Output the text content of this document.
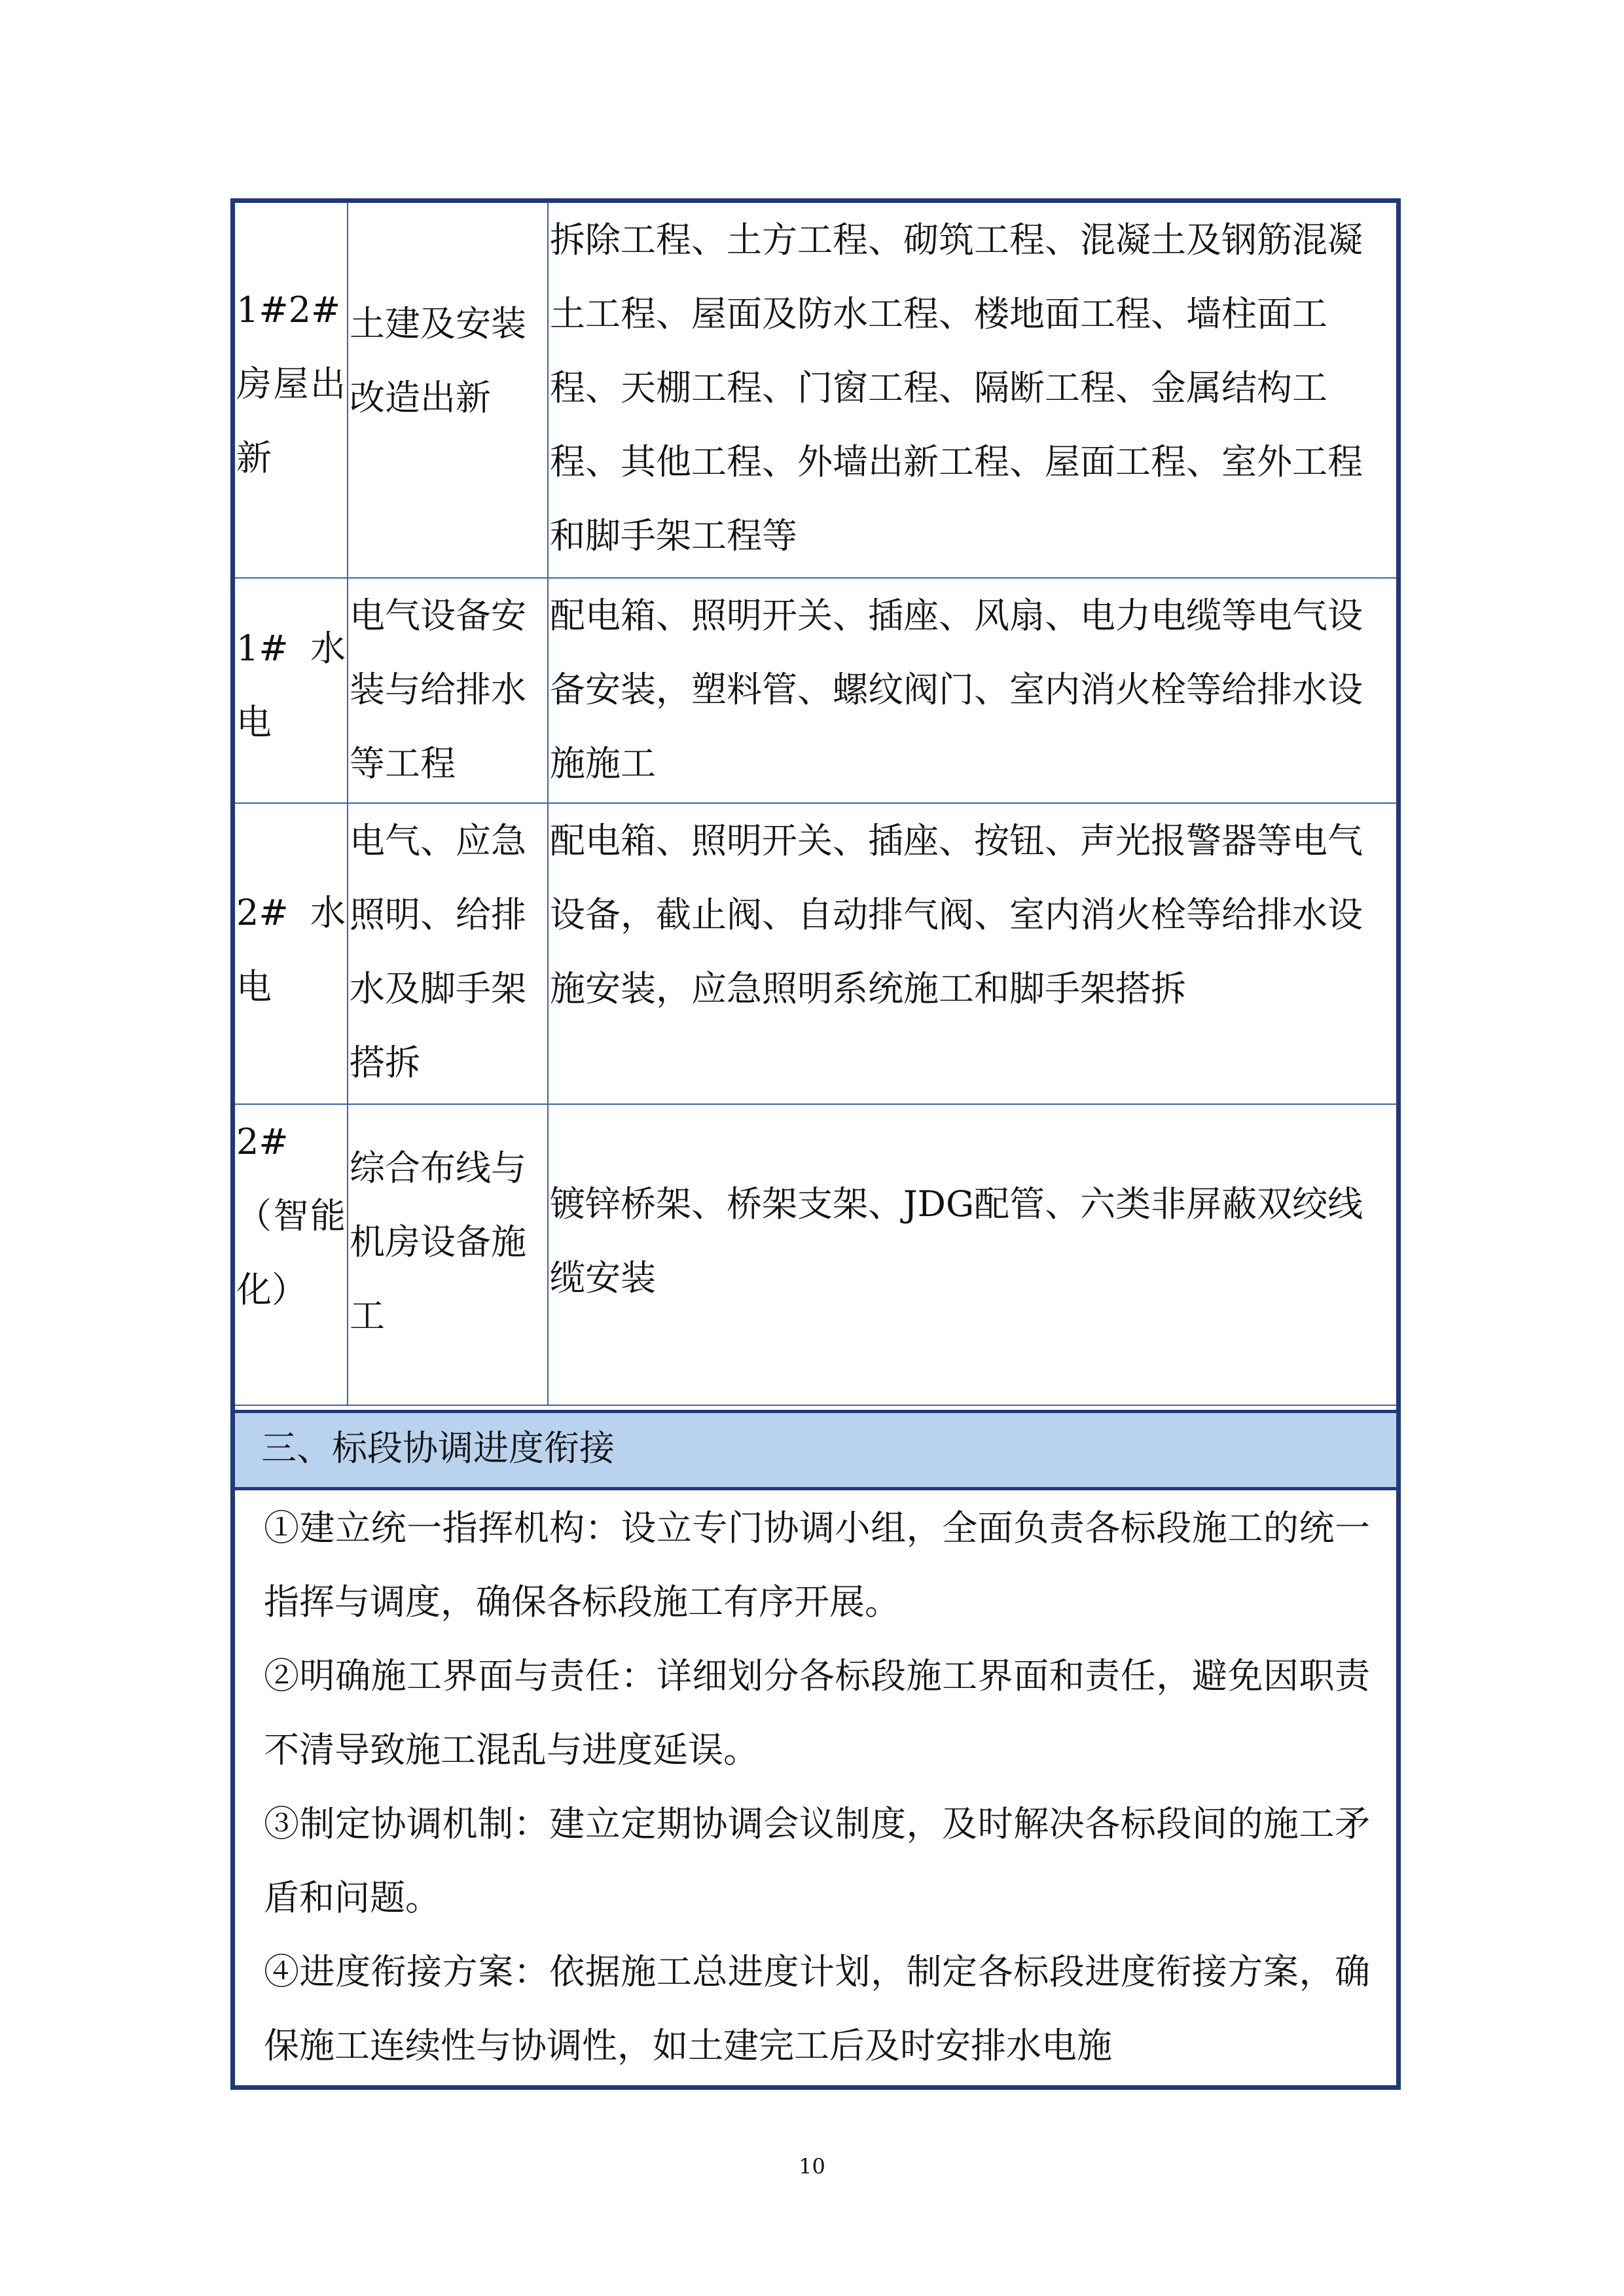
1#2#房屋出新	土建及安装改造出新	拆除工程、土方工程、砌筑工程、混凝土及钢筋混凝土工程、屋面及防水工程、楼地面工程、墙柱面工程、天棚工程、门窗工程、隔断工程、金属结构工程、其他工程、外墙出新工程、屋面工程、室外工程和脚手架工程等
1# 水电	电气设备安装与给排水等工程	配电箱、照明开关、插座、风扇、电力电缆等电气设备安装，塑料管、螺纹阀门、室内消火栓等给排水设施施工
2# 水电	电气、应急照明、给排水及脚手架搭拆	配电箱、照明开关、插座、按钮、声光报警器等电气设备，截止阀、自动排气阀、室内消火栓等给排水设施安装，应急照明系统施工和脚手架搭拆
2#（智能化）	综合布线与机房设备施工	镀锌桥架、桥架支架、JDG配管、六类非屏蔽双绞线缆安装
三、标段协调进度衔接

①建立统一指挥机构：设立专门协调小组，全面负责各标段施工的统一指挥与调度，确保各标段施工有序开展。

②明确施工界面与责任：详细划分各标段施工界面和责任，避免因职责不清导致施工混乱与进度延误。

③制定协调机制：建立定期协调会议制度，及时解决各标段间的施工矛盾和问题。

④进度衔接方案：依据施工总进度计划，制定各标段进度衔接方案，确保施工连续性与协调性，如土建完工后及时安排水电施

10
